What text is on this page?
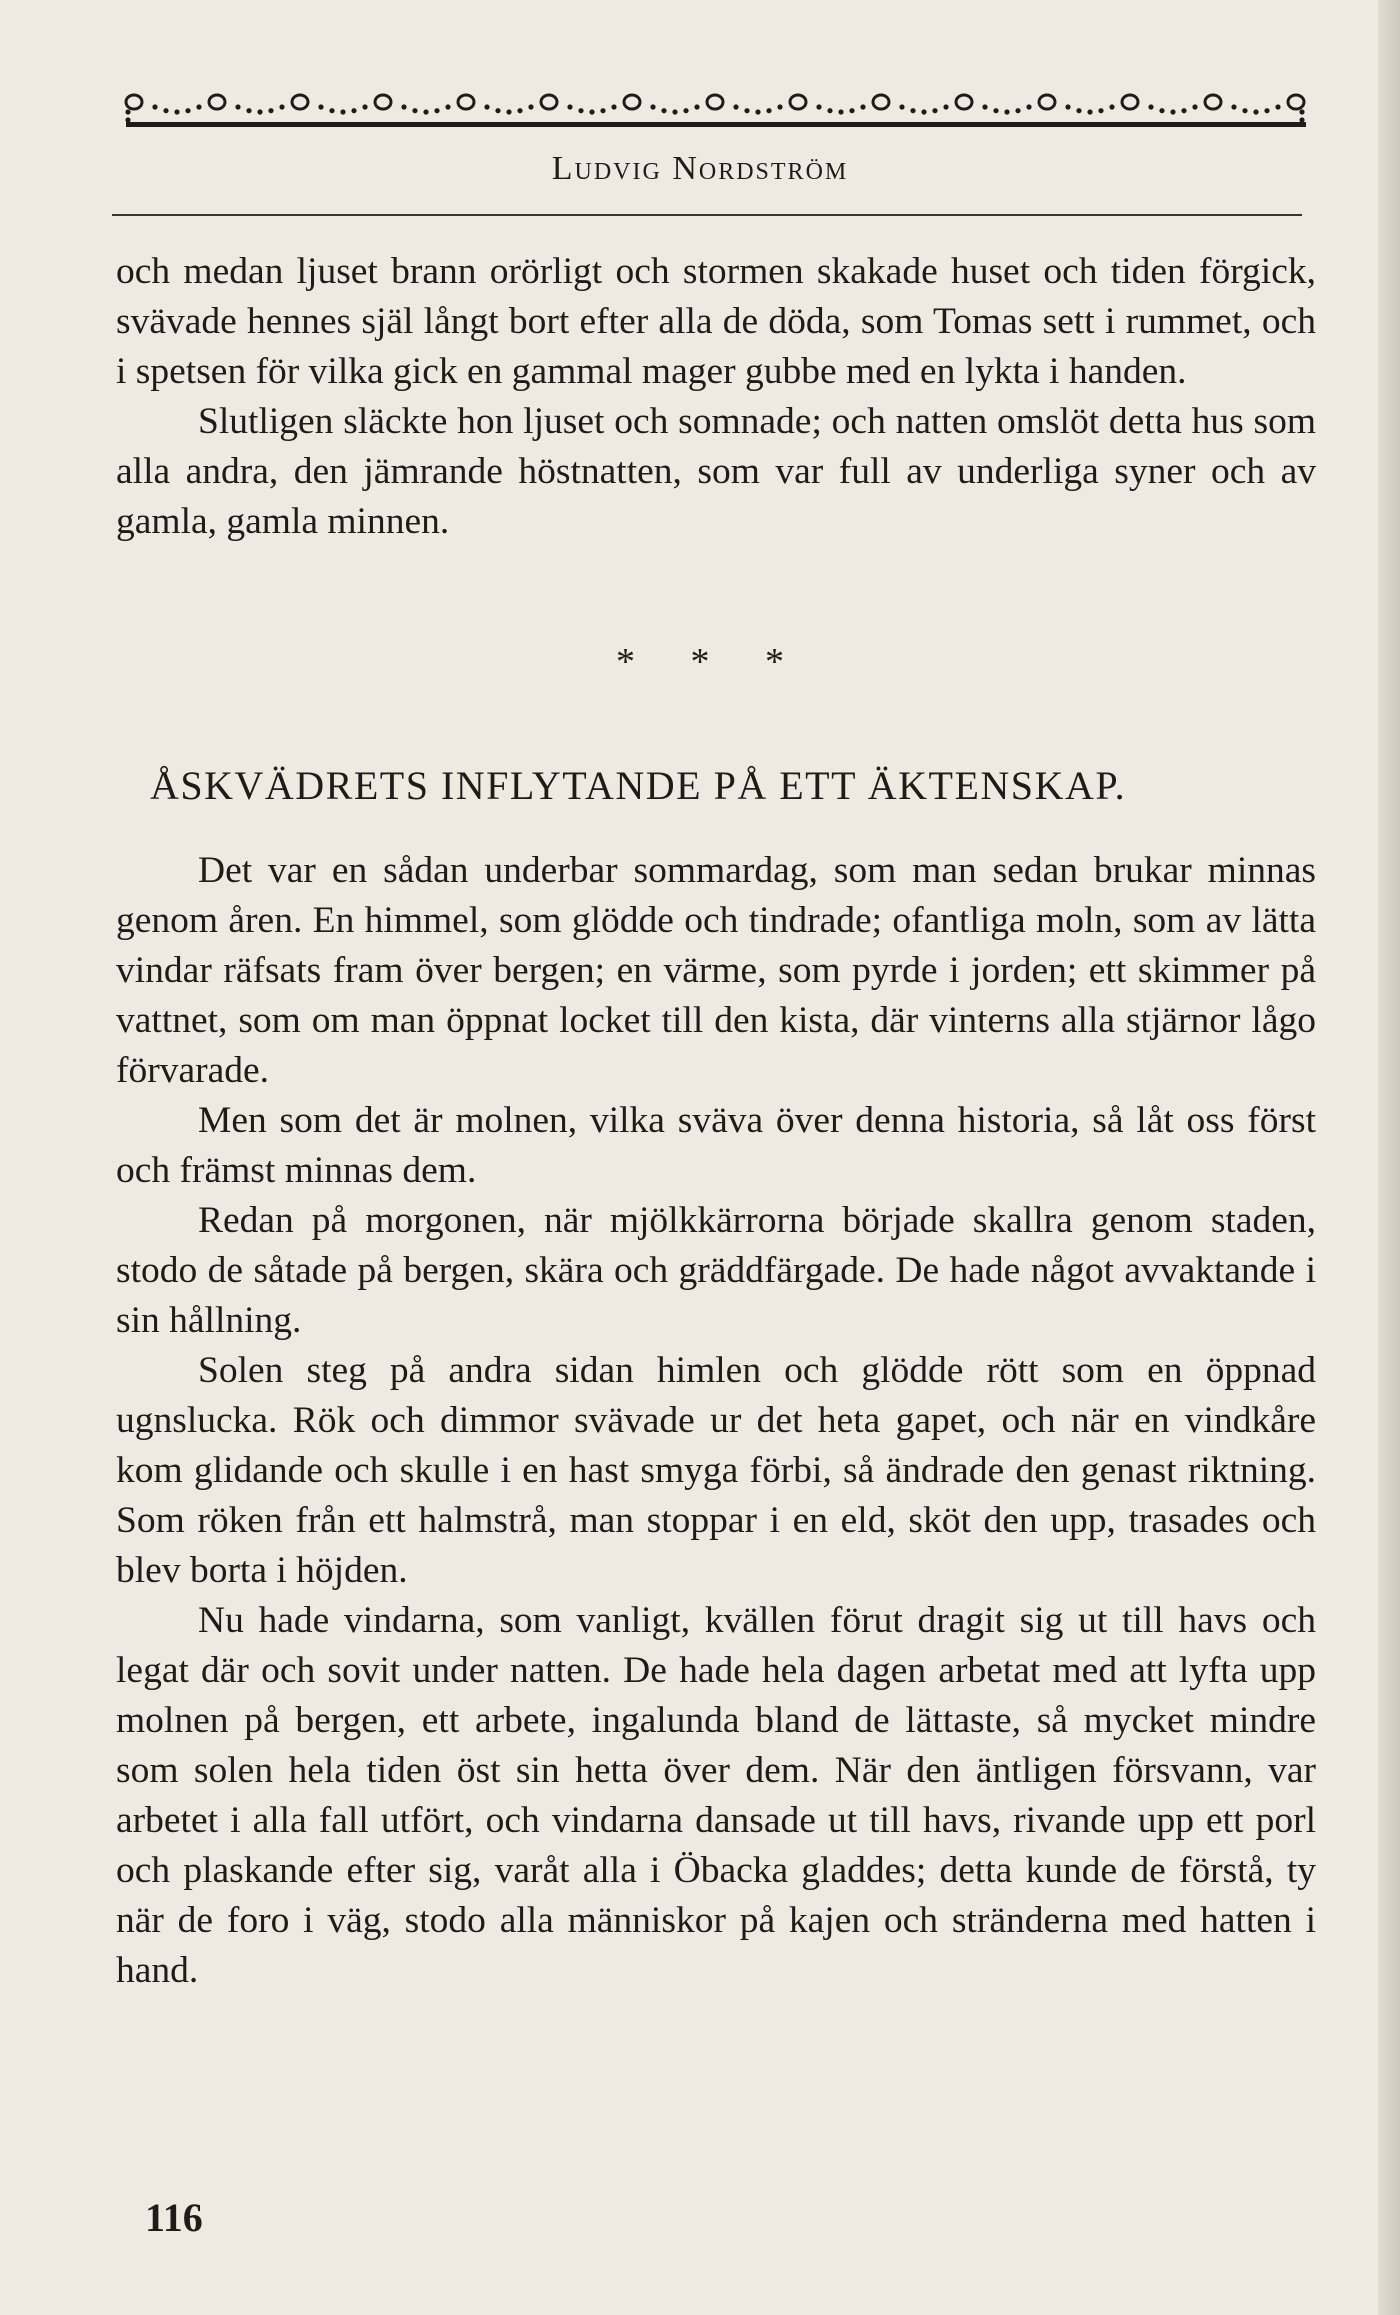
Ludvig Nordström

och medan ljuset brann orörligt och stormen skakade huset och tiden förgick, svävade hennes själ långt bort efter alla de döda, som Tomas sett i rummet, och i spetsen för vilka gick en gammal mager gubbe med en lykta i handen.

Slutligen släckte hon ljuset och somnade; och natten omslöt detta hus som alla andra, den jämrande höstnatten, som var full av underliga syner och av gamla, gamla minnen.

* * *
ÅSKVÄDRETS INFLYTANDE PÅ ETT ÄKTENSKAP.

Det var en sådan underbar sommardag, som man sedan brukar minnas genom åren. En himmel, som glödde och tindrade; ofantliga moln, som av lätta vindar räfsats fram över bergen; en värme, som pyrde i jorden; ett skimmer på vattnet, som om man öppnat locket till den kista, där vinterns alla stjärnor lågo förvarade.

Men som det är molnen, vilka sväva över denna historia, så låt oss först och främst minnas dem.

Redan på morgonen, när mjölkkärrorna började skallra genom staden, stodo de såtade på bergen, skära och gräddfärgade. De hade något avvaktande i sin hållning.

Solen steg på andra sidan himlen och glödde rött som en öppnad ugnslucka. Rök och dimmor svävade ur det heta gapet, och när en vindkåre kom glidande och skulle i en hast smyga förbi, så ändrade den genast riktning. Som röken från ett halmstrå, man stoppar i en eld, sköt den upp, trasades och blev borta i höjden.

Nu hade vindarna, som vanligt, kvällen förut dragit sig ut till havs och legat där och sovit under natten. De hade hela dagen arbetat med att lyfta upp molnen på bergen, ett arbete, ingalunda bland de lättaste, så mycket mindre som solen hela tiden öst sin hetta över dem. När den äntligen försvann, var arbetet i alla fall utfört, och vindarna dansade ut till havs, rivande upp ett porl och plaskande efter sig, varåt alla i Öbacka gladdes; detta kunde de förstå, ty när de foro i väg, stodo alla människor på kajen och stränderna med hatten i hand.

116
